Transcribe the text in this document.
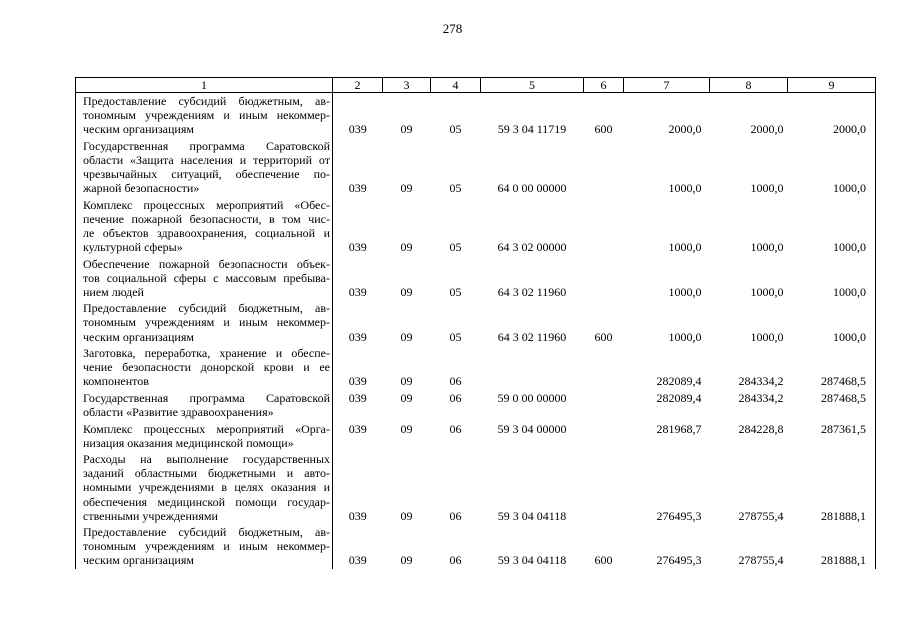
278
1	2	3	4	5	6	7	8	9

Предоставление субсидий бюджетным, ав-
тономным учреждениям и иным некоммер-
ческим организациям	039	09	05	59 3 04 11719	600	2000,0	2000,0	2000,0

Государственная программа Саратовской
области «Защита населения и территорий от
чрезвычайных ситуаций, обеспечение по-
жарной безопасности»	039	09	05	64 0 00 00000		1000,0	1000,0	1000,0

Комплекс процессных мероприятий «Обес-
печение пожарной безопасности, в том чис-
ле объектов здравоохранения, социальной и
культурной сферы»	039	09	05	64 3 02 00000		1000,0	1000,0	1000,0

Обеспечение пожарной безопасности объек-
тов социальной сферы с массовым пребыва-
нием людей	039	09	05	64 3 02 11960		1000,0	1000,0	1000,0

Предоставление субсидий бюджетным, ав-
тономным учреждениям и иным некоммер-
ческим организациям	039	09	05	64 3 02 11960	600	1000,0	1000,0	1000,0

Заготовка, переработка, хранение и обеспе-
чение безопасности донорской крови и ее
компонентов	039	09	06			282089,4	284334,2	287468,5

Государственная программа Саратовской
области «Развитие здравоохранения»	039	09	06	59 0 00 00000		282089,4	284334,2	287468,5

Комплекс процессных мероприятий «Орга-
низация оказания медицинской помощи»	039	09	06	59 3 04 00000		281968,7	284228,8	287361,5

Расходы на выполнение государственных
заданий областными бюджетными и авто-
номными учреждениями в целях оказания и
обеспечения медицинской помощи государ-
ственными учреждениями	039	09	06	59 3 04 04118		276495,3	278755,4	281888,1

Предоставление субсидий бюджетным, ав-
тономным учреждениям и иным некоммер-
ческим организациям	039	09	06	59 3 04 04118	600	276495,3	278755,4	281888,1
